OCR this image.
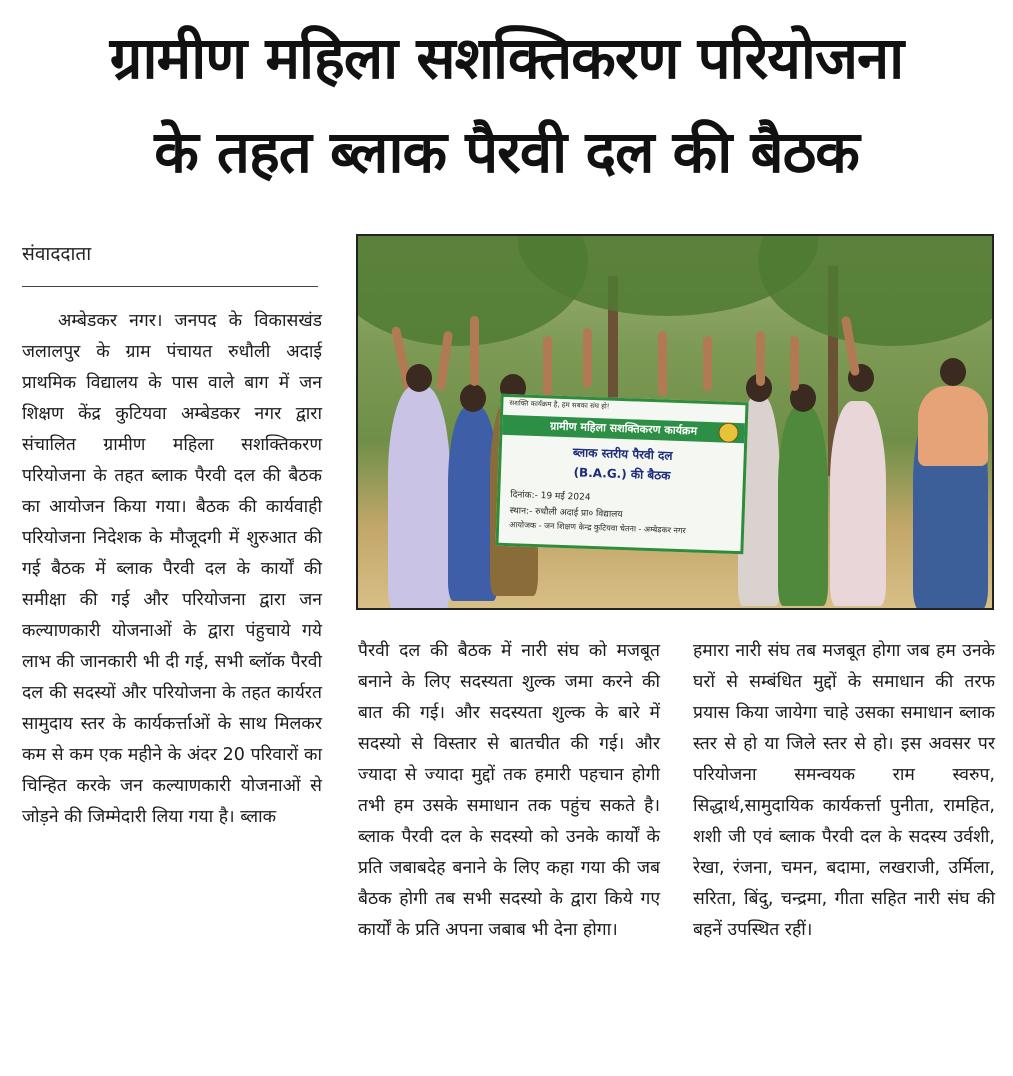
ग्रामीण महिला सशक्तिकरण परियोजना
के तहत ब्लाक पैरवी दल की बैठक
संवाददाता

अम्बेडकर नगर। जनपद के विकासखंड जलालपुर के ग्राम पंचायत रुधौली अदाई प्राथमिक विद्यालय के पास वाले बाग में जन शिक्षण केंद्र कुटियवा अम्बेडकर नगर द्वारा संचालित ग्रामीण महिला सशक्तिकरण परियोजना के तहत ब्लाक पैरवी दल की बैठक का आयोजन किया गया। बैठक की कार्यवाही परियोजना निदेशक के मौजूदगी में शुरुआत की गई बैठक में ब्लाक पैरवी दल के कार्यों की समीक्षा की गई और परियोजना द्वारा जन कल्याणकारी योजनाओं के द्वारा पंहुचाये गये लाभ की जानकारी भी दी गई, सभी ब्लॉक पैरवी दल की सदस्यों और परियोजना के तहत कार्यरत सामुदाय स्तर के कार्यकर्त्ताओं के साथ मिलकर कम से कम एक महीने के अंदर 20 परिवारों का चिन्हित करके जन कल्याणकारी योजनाओं से जोड़ने की जिम्मेदारी लिया गया है। ब्लाक

सशक्ति कार्यक्रम है, हम सबका संघ हो!
ग्रामीण महिला सशक्तिकरण कार्यक्रम
ब्लाक स्तरीय पैरवी दल
(B.A.G.) की बैठक
दिनांक:- 19 मई 2024
स्थान:- रुधौली अदाई प्रा० विद्यालय
आयोजक - जन शिक्षण केन्द्र कुटियवा चेतना - अम्बेडकर नगर

पैरवी दल की बैठक में नारी संघ को मजबूत बनाने के लिए सदस्यता शुल्क जमा करने की बात की गई। और सदस्यता शुल्क के बारे में सदस्यो से विस्तार से बातचीत की गई। और ज्यादा से ज्यादा मुद्दों तक हमारी पहचान होगी तभी हम उसके समाधान तक पहुंच सकते है। ब्लाक पैरवी दल के सदस्यो को उनके कार्यों के प्रति जबाबदेह बनाने के लिए कहा गया की जब बैठक होगी तब सभी सदस्यो के द्वारा किये गए कार्यों के प्रति अपना जबाब भी देना होगा।

हमारा नारी संघ तब मजबूत होगा जब हम उनके घरों से सम्बंधित मुद्दों के समाधान की तरफ प्रयास किया जायेगा चाहे उसका समाधान ब्लाक स्तर से हो या जिले स्तर से हो। इस अवसर पर परियोजना समन्वयक राम स्वरुप, सिद्धार्थ,सामुदायिक कार्यकर्त्ता पुनीता, रामहित, शशी जी एवं ब्लाक पैरवी दल के सदस्य उर्वशी, रेखा, रंजना, चमन, बदामा, लखराजी, उर्मिला, सरिता, बिंदु, चन्द्रमा, गीता सहित नारी संघ की बहनें उपस्थित रहीं।
